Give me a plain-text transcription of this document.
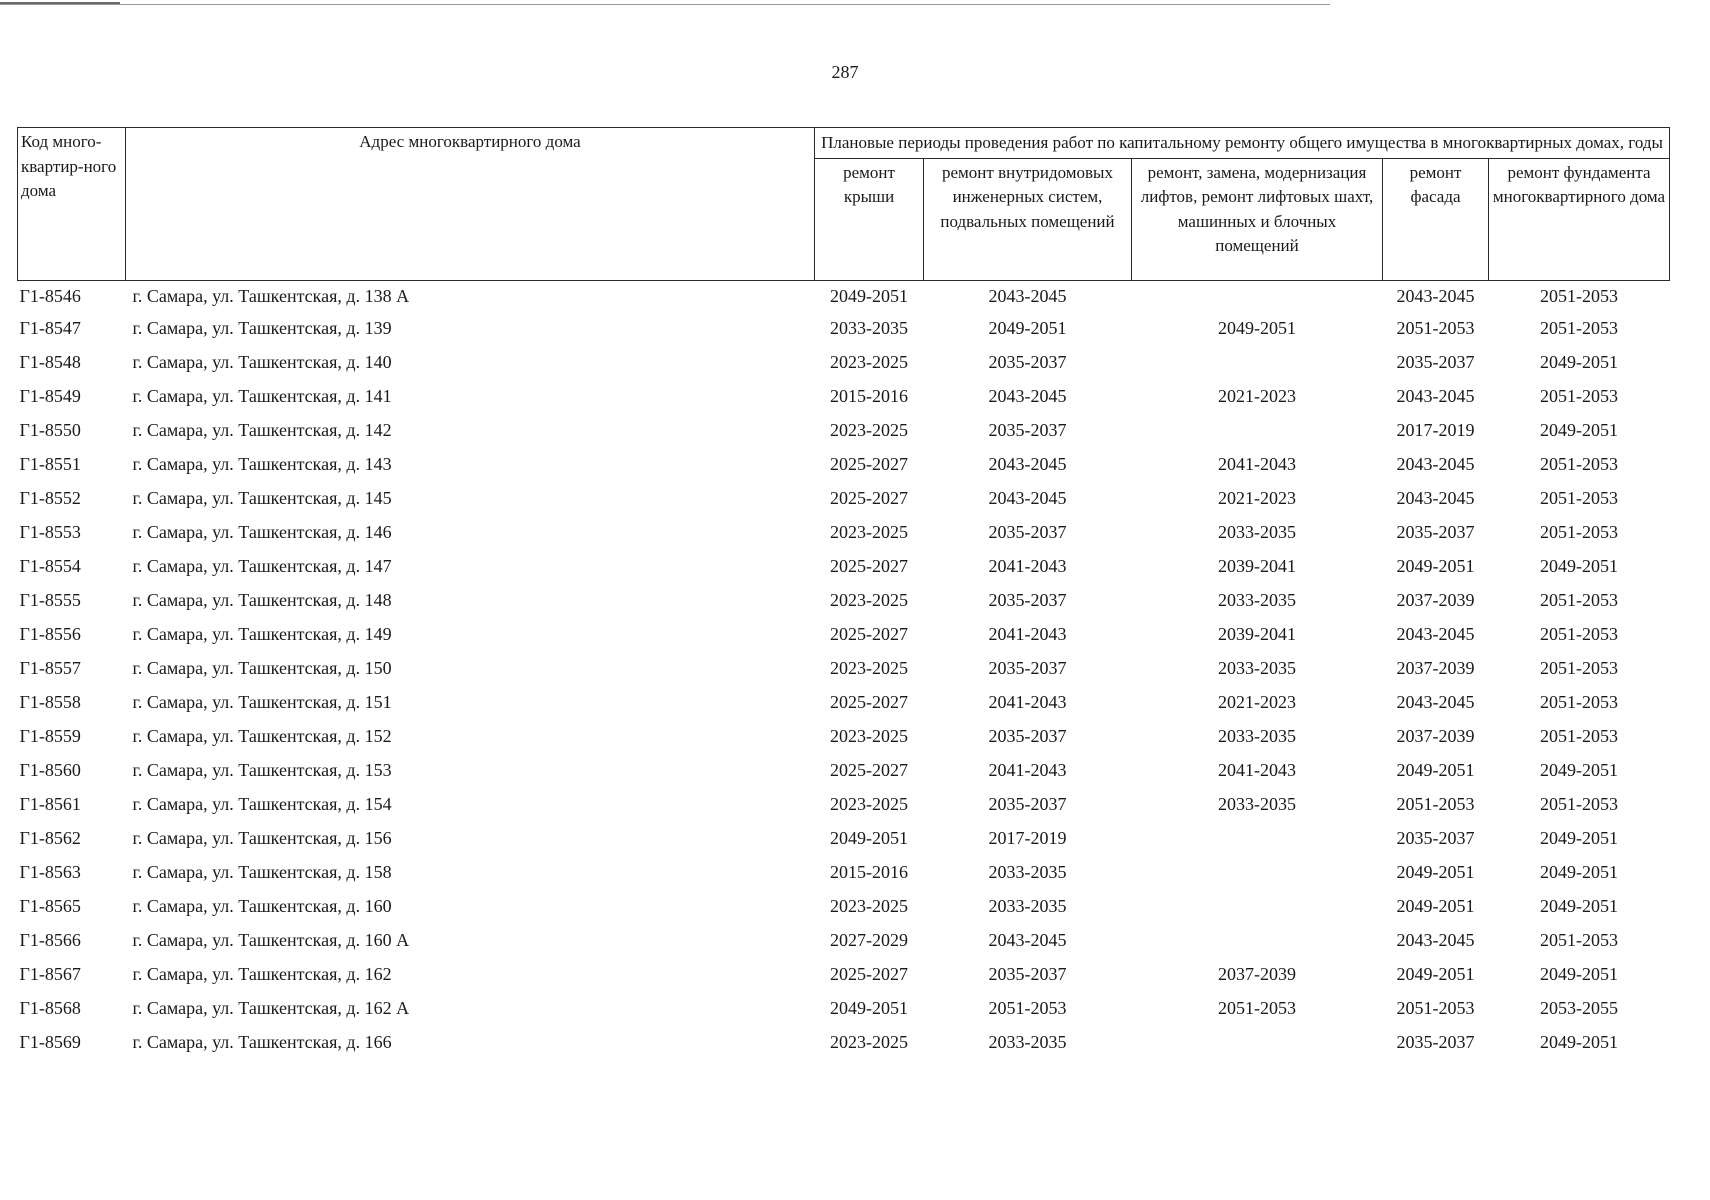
287
Код много-квартир-ного дома	Адрес многоквартирного дома	Плановые периоды проведения работ по капитальному ремонту общего имущества в многоквартирных домах, годы				
		ремонт крыши	ремонт внутридомовых инженерных систем, подвальных помещений	ремонт, замена, модернизация лифтов, ремонт лифтовых шахт, машинных и блочных помещений	ремонт фасада	ремонт фундамента многоквартирного дома
Г1-8546	г. Самара, ул. Ташкентская, д. 138 А	2049-2051	2043-2045		2043-2045	2051-2053
Г1-8547	г. Самара, ул. Ташкентская, д. 139	2033-2035	2049-2051	2049-2051	2051-2053	2051-2053
Г1-8548	г. Самара, ул. Ташкентская, д. 140	2023-2025	2035-2037		2035-2037	2049-2051
Г1-8549	г. Самара, ул. Ташкентская, д. 141	2015-2016	2043-2045	2021-2023	2043-2045	2051-2053
Г1-8550	г. Самара, ул. Ташкентская, д. 142	2023-2025	2035-2037		2017-2019	2049-2051
Г1-8551	г. Самара, ул. Ташкентская, д. 143	2025-2027	2043-2045	2041-2043	2043-2045	2051-2053
Г1-8552	г. Самара, ул. Ташкентская, д. 145	2025-2027	2043-2045	2021-2023	2043-2045	2051-2053
Г1-8553	г. Самара, ул. Ташкентская, д. 146	2023-2025	2035-2037	2033-2035	2035-2037	2051-2053
Г1-8554	г. Самара, ул. Ташкентская, д. 147	2025-2027	2041-2043	2039-2041	2049-2051	2049-2051
Г1-8555	г. Самара, ул. Ташкентская, д. 148	2023-2025	2035-2037	2033-2035	2037-2039	2051-2053
Г1-8556	г. Самара, ул. Ташкентская, д. 149	2025-2027	2041-2043	2039-2041	2043-2045	2051-2053
Г1-8557	г. Самара, ул. Ташкентская, д. 150	2023-2025	2035-2037	2033-2035	2037-2039	2051-2053
Г1-8558	г. Самара, ул. Ташкентская, д. 151	2025-2027	2041-2043	2021-2023	2043-2045	2051-2053
Г1-8559	г. Самара, ул. Ташкентская, д. 152	2023-2025	2035-2037	2033-2035	2037-2039	2051-2053
Г1-8560	г. Самара, ул. Ташкентская, д. 153	2025-2027	2041-2043	2041-2043	2049-2051	2049-2051
Г1-8561	г. Самара, ул. Ташкентская, д. 154	2023-2025	2035-2037	2033-2035	2051-2053	2051-2053
Г1-8562	г. Самара, ул. Ташкентская, д. 156	2049-2051	2017-2019		2035-2037	2049-2051
Г1-8563	г. Самара, ул. Ташкентская, д. 158	2015-2016	2033-2035		2049-2051	2049-2051
Г1-8565	г. Самара, ул. Ташкентская, д. 160	2023-2025	2033-2035		2049-2051	2049-2051
Г1-8566	г. Самара, ул. Ташкентская, д. 160 А	2027-2029	2043-2045		2043-2045	2051-2053
Г1-8567	г. Самара, ул. Ташкентская, д. 162	2025-2027	2035-2037	2037-2039	2049-2051	2049-2051
Г1-8568	г. Самара, ул. Ташкентская, д. 162 А	2049-2051	2051-2053	2051-2053	2051-2053	2053-2055
Г1-8569	г. Самара, ул. Ташкентская, д. 166	2023-2025	2033-2035		2035-2037	2049-2051
